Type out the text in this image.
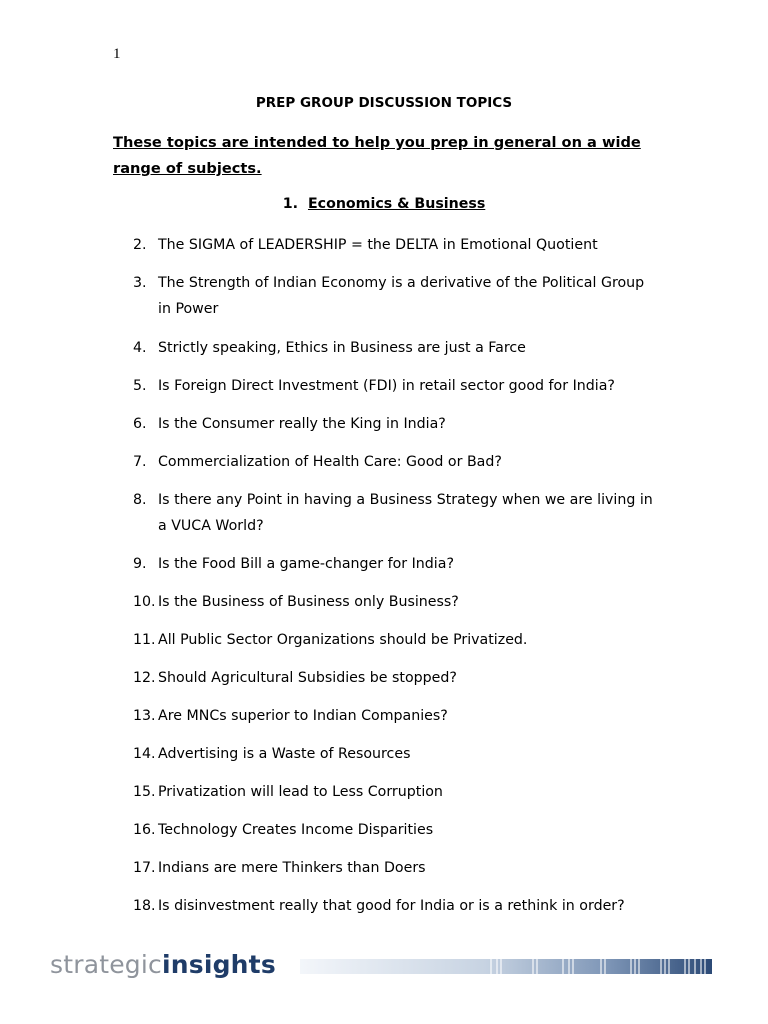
1
PREP GROUP DISCUSSION TOPICS
These topics are intended to help you prep in general on a wide range of subjects.
1. Economics & Business
2. The SIGMA of LEADERSHIP = the DELTA in Emotional Quotient
3. The Strength of Indian Economy is a derivative of the Political Group in Power
4. Strictly speaking, Ethics in Business are just a Farce
5. Is Foreign Direct Investment (FDI) in retail sector good for India?
6. Is the Consumer really the King in India?
7. Commercialization of Health Care: Good or Bad?
8. Is there any Point in having a Business Strategy when we are living in a VUCA World?
9. Is the Food Bill a game-changer for India?
10. Is the Business of Business only Business?
11. All Public Sector Organizations should be Privatized.
12. Should Agricultural Subsidies be stopped?
13. Are MNCs superior to Indian Companies?
14. Advertising is a Waste of Resources
15. Privatization will lead to Less Corruption
16. Technology Creates Income Disparities
17. Indians are mere Thinkers than Doers
18. Is disinvestment really that good for India or is a rethink in order?
strategicinsights
